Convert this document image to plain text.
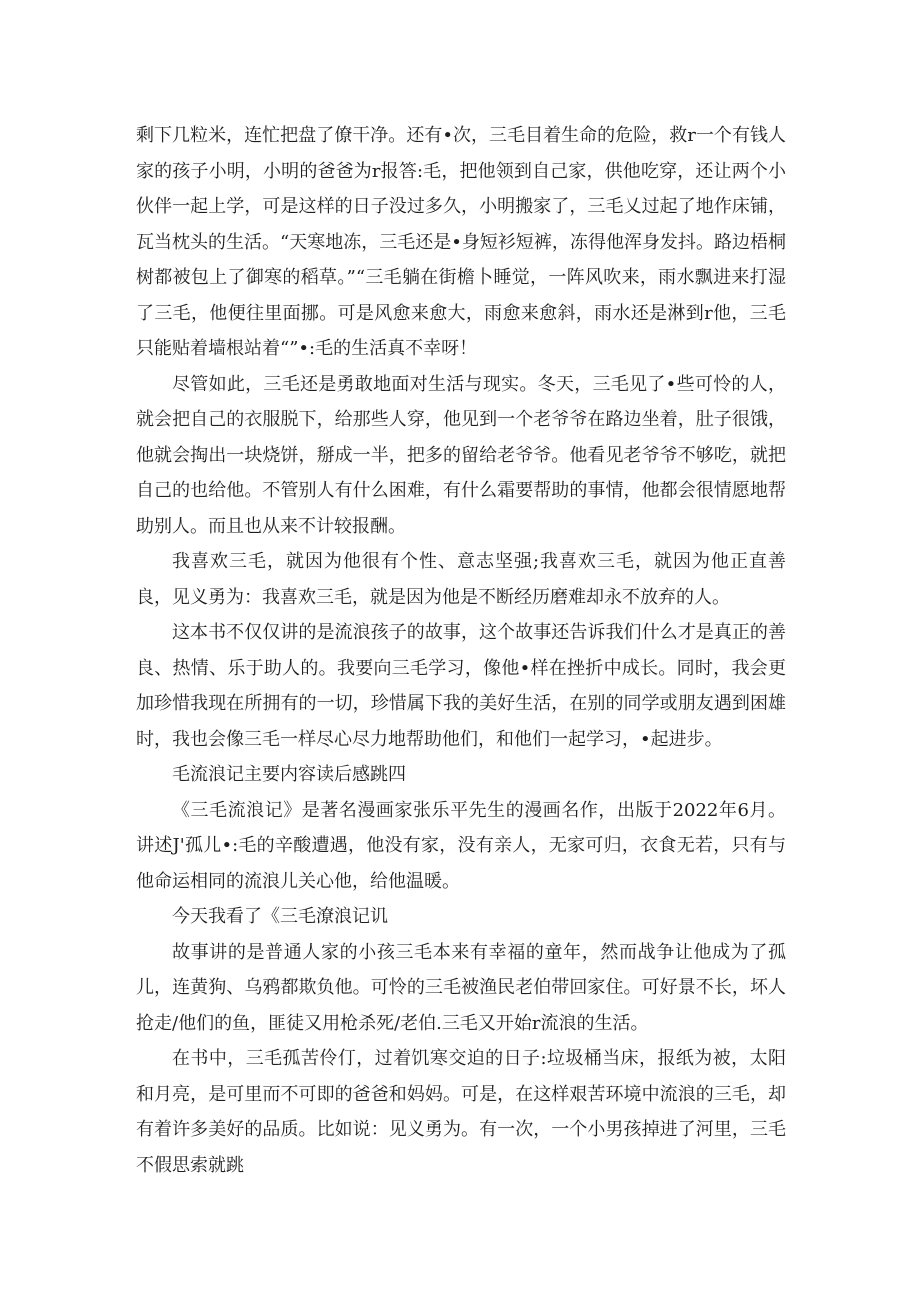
剩下几粒米，连忙把盘了僚干净。还有•次，三毛目着生命的危险，救r一个有钱人家的孩子小明，小明的爸爸为r报答:毛，把他领到自己家，供他吃穿，还让两个小伙伴一起上学，可是这样的日子没过多久，小明搬家了，三毛乂过起了地作床铺，瓦当枕头的生活。“天寒地冻，三毛还是•身短衫短裤，冻得他浑身发抖。路边梧桐树都被包上了御寒的稻草。”“三毛躺在街檐卜睡觉，一阵风吹来，雨水飘进来打湿了三毛，他便往里面挪。可是风愈来愈大，雨愈来愈斜，雨水还是淋到r他，三毛只能贴着墙根站着“”•:毛的生活真不幸呀！

尽管如此，三毛还是勇敢地面对生活与现实。冬天，三毛见了•些可怜的人，就会把自己的衣服脱下，给那些人穿，他见到一个老爷爷在路边坐着，肚子很饿，他就会掏出一块烧饼，掰成一半，把多的留给老爷爷。他看见老爷爷不够吃，就把自己的也给他。不管别人有什么困难，有什么霜要帮助的事情，他都会很情愿地帮助别人。而且也从来不计较报酬。

我喜欢三毛，就因为他很有个性、意志坚强;我喜欢三毛，就因为他正直善良，见义勇为：我喜欢三毛，就是因为他是不断经历磨难却永不放弃的人。

这本书不仅仅讲的是流浪孩子的故事，这个故事还告诉我们什么才是真正的善良、热情、乐于助人的。我要向三毛学习，像他•样在挫折中成长。同时，我会更加珍惜我现在所拥有的一切，珍惜属下我的美好生活，在别的同学或朋友遇到困雄时，我也会像三毛一样尽心尽力地帮助他们，和他们一起学习，•起进步。

毛流浪记主要内容读后感跳四

《三毛流浪记》是著名漫画家张乐平先生的漫画名作，出版于2022年6月。讲述J'孤儿•:毛的辛酸遭遇，他没有家，没有亲人，无家可归，衣食无若，只有与他命运相同的流浪儿关心他，给他温暖。

今天我看了《三毛潦浪记讥

故事讲的是普通人家的小孩三毛本来有幸福的童年，然而战争让他成为了孤儿，连黄狗、乌鸦都欺负他。可怜的三毛被渔民老伯带回家住。可好景不长，坏人抢走/他们的鱼，匪徒又用枪杀死/老伯.三毛又开始r流浪的生活。

在书中，三毛孤苦伶仃，过着饥寒交迫的日子:垃圾桶当床，报纸为被，太阳和月亮，是可里而不可即的爸爸和妈妈。可是，在这样艰苦环境中流浪的三毛，却有着许多美好的品质。比如说：见义勇为。有一次，一个小男孩掉进了河里，三毛不假思索就跳
